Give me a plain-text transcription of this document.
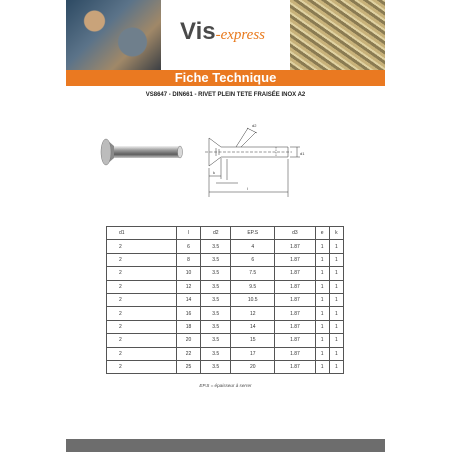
Vis-express
Fiche Technique
VS8647 - DIN661 - RIVET PLEIN TETE FRAISÉE INOX A2
d2
d1
k
l
d1	l	d2	EP.S	d3	e	k
2	6	3.5	4	1.87	1	1
2	8	3.5	6	1.87	1	1
2	10	3.5	7.5	1.87	1	1
2	12	3.5	9.5	1.87	1	1
2	14	3.5	10.5	1.87	1	1
2	16	3.5	12	1.87	1	1
2	18	3.5	14	1.87	1	1
2	20	3.5	15	1.87	1	1
2	22	3.5	17	1.87	1	1
2	25	3.5	20	1.87	1	1
EP.S = épaisseur à serrer
